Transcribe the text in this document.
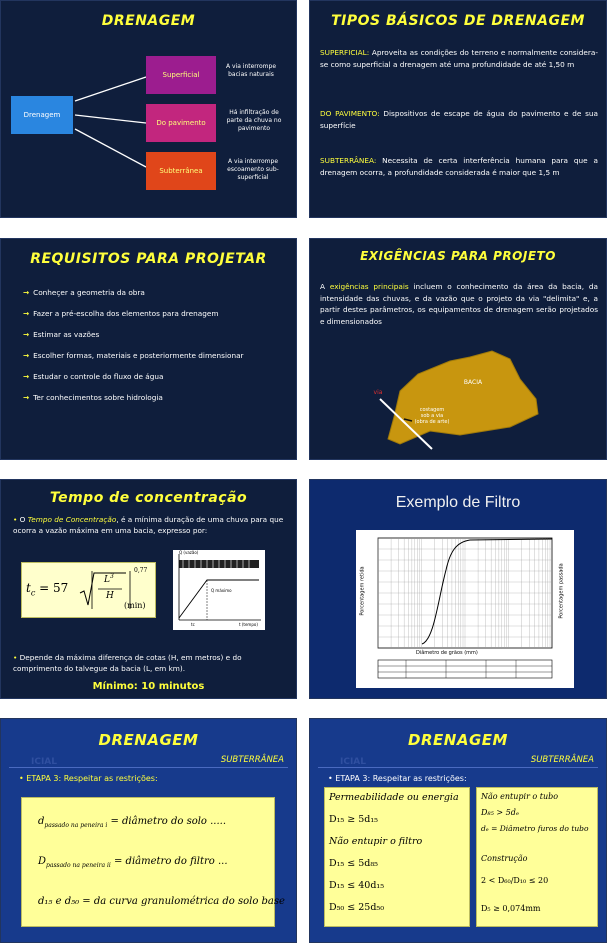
DRENAGEM
Drenagem
Superficial
Do pavimento
Subterrânea
A via interrompe bacias naturais
Há infiltração de parte da chuva no pavimento
A via interrompe escoamento sub-superficial
TIPOS BÁSICOS DE DRENAGEM
SUPERFICIAL: Aproveita as condições do terreno e normalmente considera-se como superficial a drenagem até uma profundidade de até 1,50 m
DO PAVIMENTO: Dispositivos de escape de água do pavimento e de sua superfície
SUBTERRÂNEA: Necessita de certa interferência humana para que a drenagem ocorra, a profundidade considerada é maior que 1,5 m
REQUISITOS PARA PROJETAR
→ Conheçer a geometria da obra
→ Fazer a pré-escolha dos elementos para drenagem
→ Estimar as vazões
→ Escolher formas, materiais e posteriormente dimensionar
→ Estudar o controle do fluxo de água
→ Ter conhecimentos sobre hidrologia
EXIGÊNCIAS PARA PROJETO
A exigências principais incluem o conhecimento da área da bacia, da intensidade das chuvas, e da vazão que o projeto da via "delimita" e, a partir destes parâmetros, os equipamentos de drenagem serão projetados e dimensionados
BACIA
via
costagem
sob a via
(obra de arte)
Tempo de concentração
• O Tempo de Concentração, é a mínima duração de uma chuva para que ocorra a vazão máxima em uma bacia, expresso por:
$t_c = 57$
$L^3$
H
0,77
(min)
Q (vazão)
Q máximo
t (tempo)
tc
• Depende da máxima diferença de cotas (H, em metros) e do comprimento do talvegue da bacia (L, em km).
Mínimo: 10 minutos
Exemplo de Filtro
Diâmetro de grãos (mm)
Porcentagem retida	Porcentagem passada
ICIAL
DRENAGEM
SUBTERRÂNEA
• ETAPA 3: Respeitar as restrições:
$d_{passado na peneira i}$ = diâmetro do solo .....
$D_{passado na peneira ii}$ = diâmetro do filtro ...
d₁₅ e d₅₀ = da curva granulométrica do solo base
ICIAL
DRENAGEM
SUBTERRÂNEA
• ETAPA 3: Respeitar as restrições:
Permeabilidade ou energia
D₁₅ ≥ 5d₁₅
Não entupir o filtro
D₁₅ ≤ 5d₈₅
D₁₅ ≤ 40d₁₅
D₅₀ ≤ 25d₅₀
Não entupir o tubo
D₈₅ > 5dₑ
dₑ = Diâmetro furos do tubo
Construção
2 < D₆₀/D₁₀ ≤ 20
D₅ ≥ 0,074mm
